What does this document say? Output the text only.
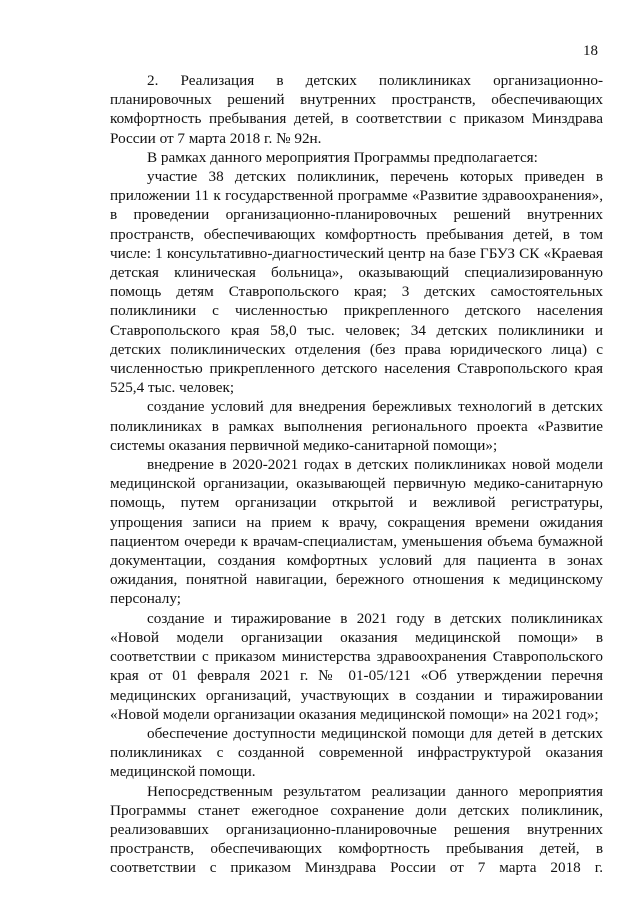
18

2. Реализация в детских поликлиниках организационно-планировочных решений внутренних пространств, обеспечивающих комфортность пребывания детей, в соответствии с приказом Минздрава России от 7 марта 2018 г. № 92н.

В рамках данного мероприятия Программы предполагается:

участие 38 детских поликлиник, перечень которых приведен в приложении 11 к государственной программе «Развитие здравоохранения», в проведении организационно-планировочных решений внутренних пространств, обеспечивающих комфортность пребывания детей, в том числе: 1 консультативно-диагностический центр на базе ГБУЗ СК «Краевая детская клиническая больница», оказывающий специализированную помощь детям Ставропольского края; 3 детских самостоятельных поликлиники с численностью прикрепленного детского населения Ставропольского края 58,0 тыс. человек; 34 детских поликлиники и детских поликлинических отделения (без права юридического лица) с численностью прикрепленного детского населения Ставропольского края 525,4 тыс. человек;

создание условий для внедрения бережливых технологий в детских поликлиниках в рамках выполнения регионального проекта «Развитие системы оказания первичной медико-санитарной помощи»;

внедрение в 2020-2021 годах в детских поликлиниках новой модели медицинской организации, оказывающей первичную медико-санитарную помощь, путем организации открытой и вежливой регистратуры, упрощения записи на прием к врачу, сокращения времени ожидания пациентом очереди к врачам-специалистам, уменьшения объема бумажной документации, создания комфортных условий для пациента в зонах ожидания, понятной навигации, бережного отношения к медицинскому персоналу;

создание и тиражирование в 2021 году в детских поликлиниках «Новой модели организации оказания медицинской помощи» в соответствии с приказом министерства здравоохранения Ставропольского края от 01 февраля 2021 г. № 01-05/121 «Об утверждении перечня медицинских организаций, участвующих в создании и тиражировании «Новой модели организации оказания медицинской помощи» на 2021 год»;

обеспечение доступности медицинской помощи для детей в детских поликлиниках с созданной современной инфраструктурой оказания медицинской помощи.

Непосредственным результатом реализации данного мероприятия Программы станет ежегодное сохранение доли детских поликлиник, реализовавших организационно-планировочные решения внутренних пространств, обеспечивающих комфортность пребывания детей, в соответствии с приказом Минздрава России от 7 марта 2018 г.
